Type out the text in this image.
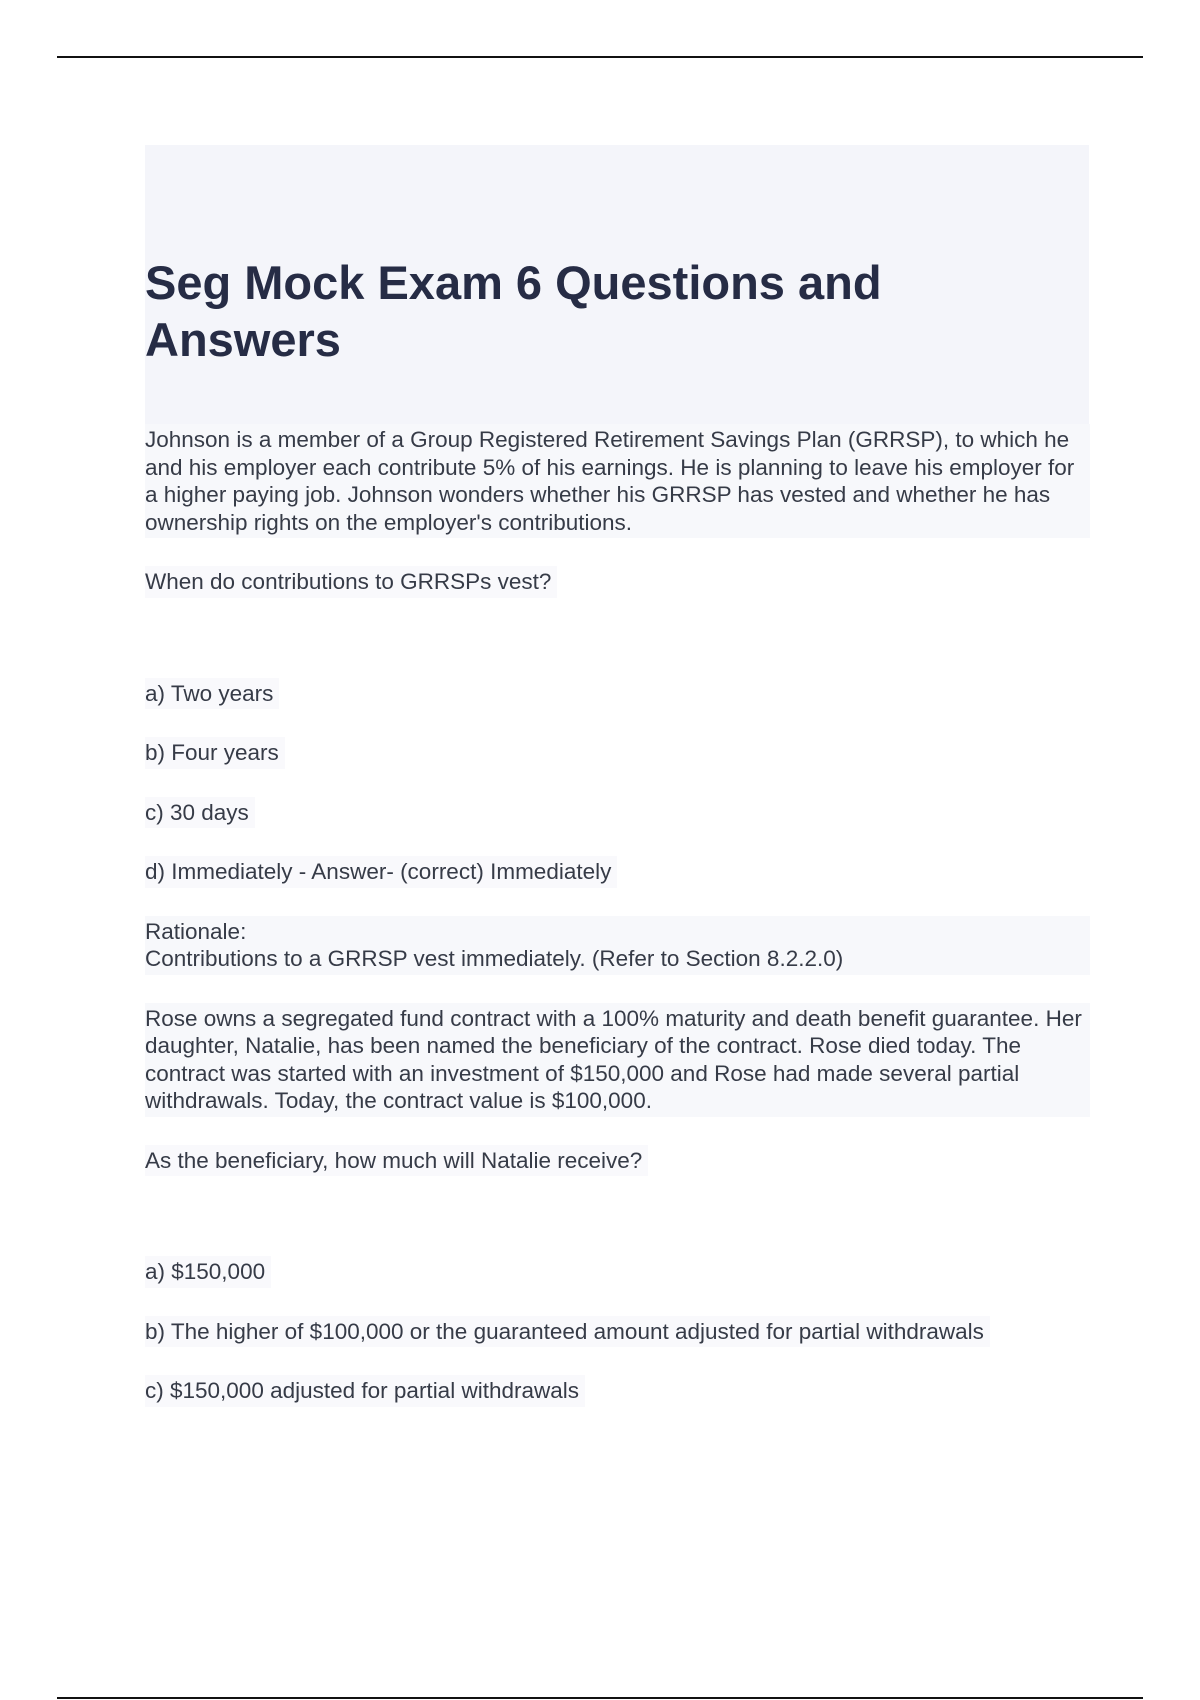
Seg Mock Exam 6 Questions and Answers

Johnson is a member of a Group Registered Retirement Savings Plan (GRRSP), to which he and his employer each contribute 5% of his earnings. He is planning to leave his employer for a higher paying job. Johnson wonders whether his GRRSP has vested and whether he has ownership rights on the employer's contributions.

When do contributions to GRRSPs vest?

a) Two years
b) Four years
c) 30 days
d) Immediately - Answer- (correct) Immediately

Rationale:

Contributions to a GRRSP vest immediately. (Refer to Section 8.2.2.0)

Rose owns a segregated fund contract with a 100% maturity and death benefit guarantee. Her daughter, Natalie, has been named the beneficiary of the contract. Rose died today. The contract was started with an investment of $150,000 and Rose had made several partial withdrawals. Today, the contract value is $100,000.

As the beneficiary, how much will Natalie receive?

a) $150,000
b) The higher of $100,000 or the guaranteed amount adjusted for partial withdrawals
c) $150,000 adjusted for partial withdrawals
